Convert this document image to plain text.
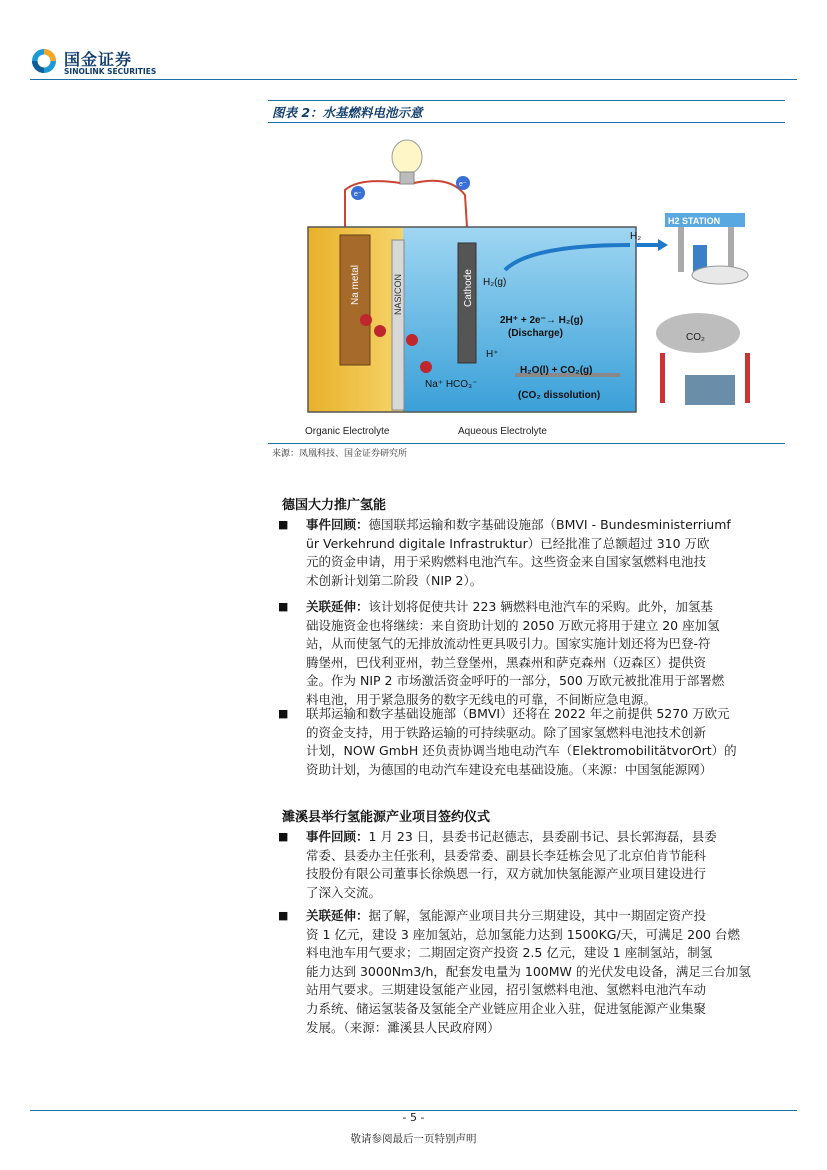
国金证券
SINOLINK SECURITIES
图表 2：水基燃料电池示意
e⁻
e⁻
Na metal	NASICON	Cathode H₂(g)
2H⁺ + 2e⁻→ H₂(g)
(Discharge)
H⁺
Na⁺ HCO₃⁻
H₂O(l) + CO₂(g)
(CO₂ dissolution)
Organic Electrolyte	Aqueous Electrolyte
H₂
H2 STATION
CO₂
来源：凤凰科技、国金证券研究所
德国大力推广氢能
■ 事件回顾：德国联邦运输和数字基础设施部（BMVI - Bundesministerriumf
ür Verkehrund digitale Infrastruktur）已经批准了总额超过 310 万欧
元的资金申请，用于采购燃料电池汽车。这些资金来自国家氢燃料电池技
术创新计划第二阶段（NIP 2）。
■ 关联延伸：该计划将促使共计 223 辆燃料电池汽车的采购。此外，加氢基
础设施资金也将继续：来自资助计划的 2050 万欧元将用于建立 20 座加氢
站，从而使氢气的无排放流动性更具吸引力。国家实施计划还将为巴登-符
腾堡州，巴伐利亚州，勃兰登堡州，黑森州和萨克森州（迈森区）提供资
金。作为 NIP 2 市场激活资金呼吁的一部分，500 万欧元被批准用于部署燃
料电池，用于紧急服务的数字无线电的可靠，不间断应急电源。
■ 联邦运输和数字基础设施部（BMVI）还将在 2022 年之前提供 5270 万欧元
的资金支持，用于铁路运输的可持续驱动。除了国家氢燃料电池技术创新
计划，NOW GmbH 还负责协调当地电动汽车（ElektromobilitätvorOrt）的
资助计划，为德国的电动汽车建设充电基础设施。（来源：中国氢能源网）
濉溪县举行氢能源产业项目签约仪式
■ 事件回顾：1 月 23 日，县委书记赵德志，县委副书记、县长郭海磊，县委
常委、县委办主任张利，县委常委、副县长李廷栋会见了北京伯肯节能科
技股份有限公司董事长徐焕恩一行，双方就加快氢能源产业项目建设进行
了深入交流。
■ 关联延伸：据了解，氢能源产业项目共分三期建设，其中一期固定资产投
资 1 亿元，建设 3 座加氢站，总加氢能力达到 1500KG/天，可满足 200 台燃
料电池车用气要求；二期固定资产投资 2.5 亿元，建设 1 座制氢站，制氢
能力达到 3000Nm3/h，配套发电量为 100MW 的光伏发电设备，满足三台加氢
站用气要求。三期建设氢能产业园，招引氢燃料电池、氢燃料电池汽车动
力系统、储运氢装备及氢能全产业链应用企业入驻，促进氢能源产业集聚
发展。（来源：濉溪县人民政府网）
- 5 -
敬请参阅最后一页特别声明
